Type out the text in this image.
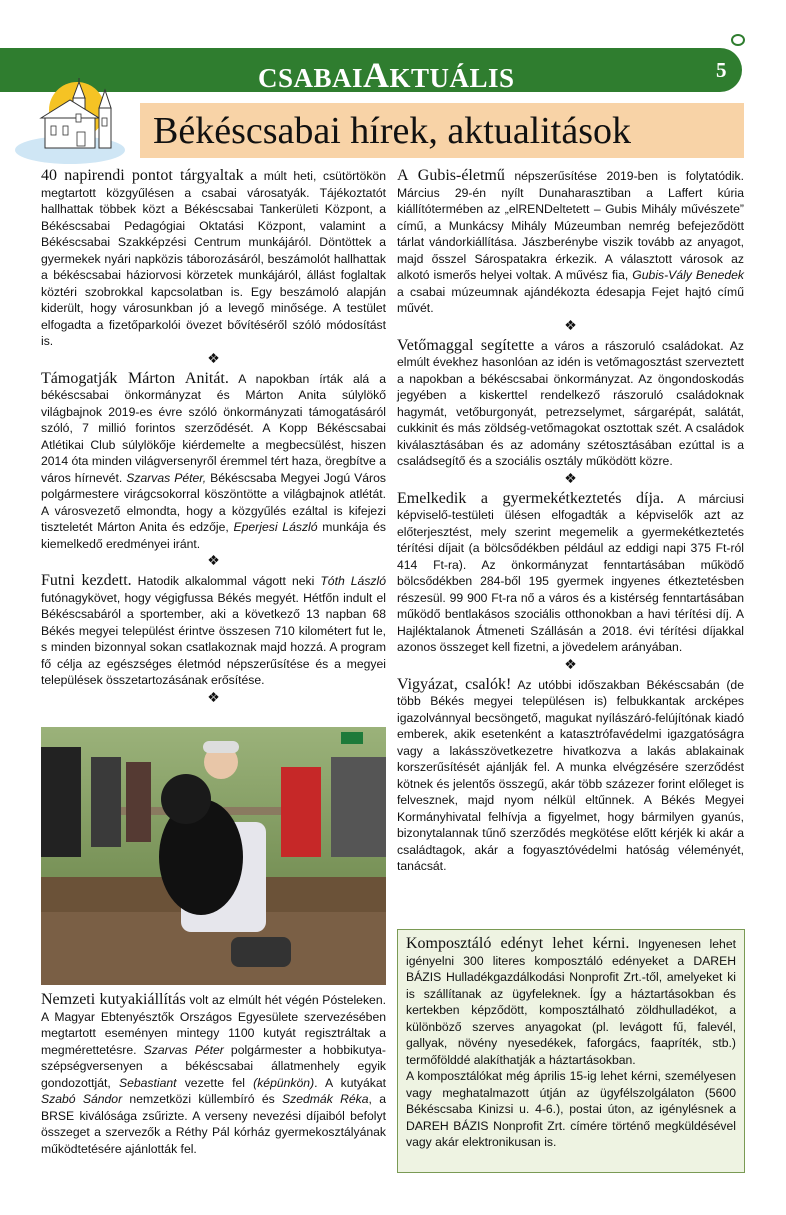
CSABAIAKTUÁLIS	5
Békéscsabai hírek, aktualitások

40 napirendi pontot tárgyaltak a múlt heti, csütörtökön megtartott közgyűlésen a csabai városatyák. Tájékoztatót hallhattak többek közt a Békéscsabai Tankerületi Központ, a Békéscsabai Pedagógiai Oktatási Központ, valamint a Békéscsabai Szakképzési Centrum munkájáról. Döntöttek a gyermekek nyári napközis táborozásáról, beszámolót hallhattak a békéscsabai háziorvosi körzetek munkájáról, állást foglaltak köztéri szobrokkal kapcsolatban is. Egy beszámoló alapján kiderült, hogy városunkban jó a levegő minősége. A testület elfogadta a fizetőparkolói övezet bővítéséről szóló módosítást is.

❖

Támogatják Márton Anitát. A napokban írták alá a békéscsabai önkormányzat és Márton Anita súlylökő világbajnok 2019-es évre szóló önkormányzati támogatásáról szóló, 7 millió forintos szerződését. A Kopp Békéscsabai Atlétikai Club súlylökője kiérdemelte a megbecsülést, hiszen 2014 óta minden világversenyről éremmel tért haza, öregbítve a város hírnevét. Szarvas Péter, Békéscsaba Megyei Jogú Város polgármestere virágcsokorral köszöntötte a világbajnok atlétát. A városvezető elmondta, hogy a közgyűlés ezáltal is kifejezi tiszteletét Márton Anita és edzője, Eperjesi László munkája és kiemelkedő eredményei iránt.

❖

Futni kezdett. Hatodik alkalommal vágott neki Tóth László futónagykövet, hogy végigfussa Békés megyét. Hétfőn indult el Békéscsabáról a sportember, aki a következő 13 napban 68 Békés megyei települést érintve összesen 710 kilométert fut le, s minden bizonnyal sokan csatlakoznak majd hozzá. A program fő célja az egészséges életmód népszerűsítése és a megyei települések összetartozásának erősítése.

❖

Nemzeti kutyakiállítás volt az elmúlt hét végén Pósteleken. A Magyar Ebtenyésztők Országos Egyesülete szervezésében megtartott eseményen mintegy 1100 kutyát regisztráltak a megmérettetésre. Szarvas Péter polgármester a hobbikutya-szépségversenyen a békéscsabai állatmenhely egyik gondozottját, Sebastiant vezette fel (képünkön). A kutyákat Szabó Sándor nemzetközi küllembíró és Szedmák Réka, a BRSE kiválósága zsűrizte. A verseny nevezési díjaiból befolyt összeget a szervezők a Réthy Pál kórház gyermekosztályának működtetésére ajánlották fel.

A Gubis-életmű népszerűsítése 2019-ben is folytatódik. Március 29-én nyílt Dunaharasztiban a Laffert kúria kiállítótermében az „elRENDeltetett – Gubis Mihály művészete” című, a Munkácsy Mihály Múzeumban nemrég befejeződött tárlat vándorkiállítása. Jászberénybe viszik tovább az anyagot, majd ősszel Sárospatakra érkezik. A választott városok az alkotó ismerős helyei voltak. A művész fia, Gubis-Vály Benedek a csabai múzeumnak ajándékozta édesapja Fejet hajtó című művét.

❖

Vetőmaggal segítette a város a rászoruló családokat. Az elmúlt évekhez hasonlóan az idén is vetőmagosztást szerveztett a napokban a békéscsabai önkormányzat. Az öngondoskodás jegyében a kiskerttel rendelkező rászoruló családoknak hagymát, vetőburgonyát, petrezselymet, sárgarépát, salátát, cukkinit és más zöldség-vetőmagokat osztottak szét. A családok kiválasztásában és az adomány szétosztásában ezúttal is a családsegítő és a szociális osztály működött közre.

❖

Emelkedik a gyermekétkeztetés díja. A márciusi képviselő-testületi ülésen elfogadták a képviselők azt az előterjesztést, mely szerint megemelik a gyermekétkeztetés térítési díjait (a bölcsődékben például az eddigi napi 375 Ft-ról 414 Ft-ra). Az önkormányzat fenntartásában működő bölcsődékben 284-ből 195 gyermek ingyenes étkeztetésben részesül. 99 900 Ft-ra nő a város és a kistérség fenntartásában működő bentlakásos szociális otthonokban a havi térítési díj. A Hajléktalanok Átmeneti Szállásán a 2018. évi térítési díjakkal azonos összeget kell fizetni, a jövedelem arányában.

❖

Vigyázat, csalók! Az utóbbi időszakban Békéscsabán (de több Békés megyei településen is) felbukkantak arcképes igazolvánnyal becsöngető, magukat nyílászáró-felújítónak kiadó emberek, akik esetenként a katasztrófavédelmi igazgatóságra vagy a lakásszövetkezetre hivatkozva a lakás ablakainak korszerűsítését ajánlják fel. A munka elvégzésére szerződést kötnek és jelentős összegű, akár több százezer forint előleget is felvesznek, majd nyom nélkül eltűnnek. A Békés Megyei Kormányhivatal felhívja a figyelmet, hogy bármilyen gyanús, bizonytalannak tűnő szerződés megkötése előtt kérjék ki akár a családtagok, akár a fogyasztóvédelmi hatóság véleményét, tanácsát.

Komposztáló edényt lehet kérni. Ingyenesen lehet igényelni 300 literes komposztáló edényeket a DAREH BÁZIS Hulladékgazdálkodási Nonprofit Zrt.-től, amelyeket ki is szállítanak az ügyfeleknek. Így a háztartásokban és kertekben képződött, komposztálható zöldhulladékot, a különböző szerves anyagokat (pl. levágott fű, falevél, gallyak, növény nyesedékek, faforgács, faapríték, stb.) termőfölddé alakíthatják a háztartásokban.

A komposztálókat még április 15-ig lehet kérni, személyesen vagy meghatalmazott útján az ügyfélszolgálaton (5600 Békéscsaba Kinizsi u. 4-6.), postai úton, az igénylésnek a DAREH BÁZIS Nonprofit Zrt. címére történő megküldésével vagy akár elektronikusan is.
